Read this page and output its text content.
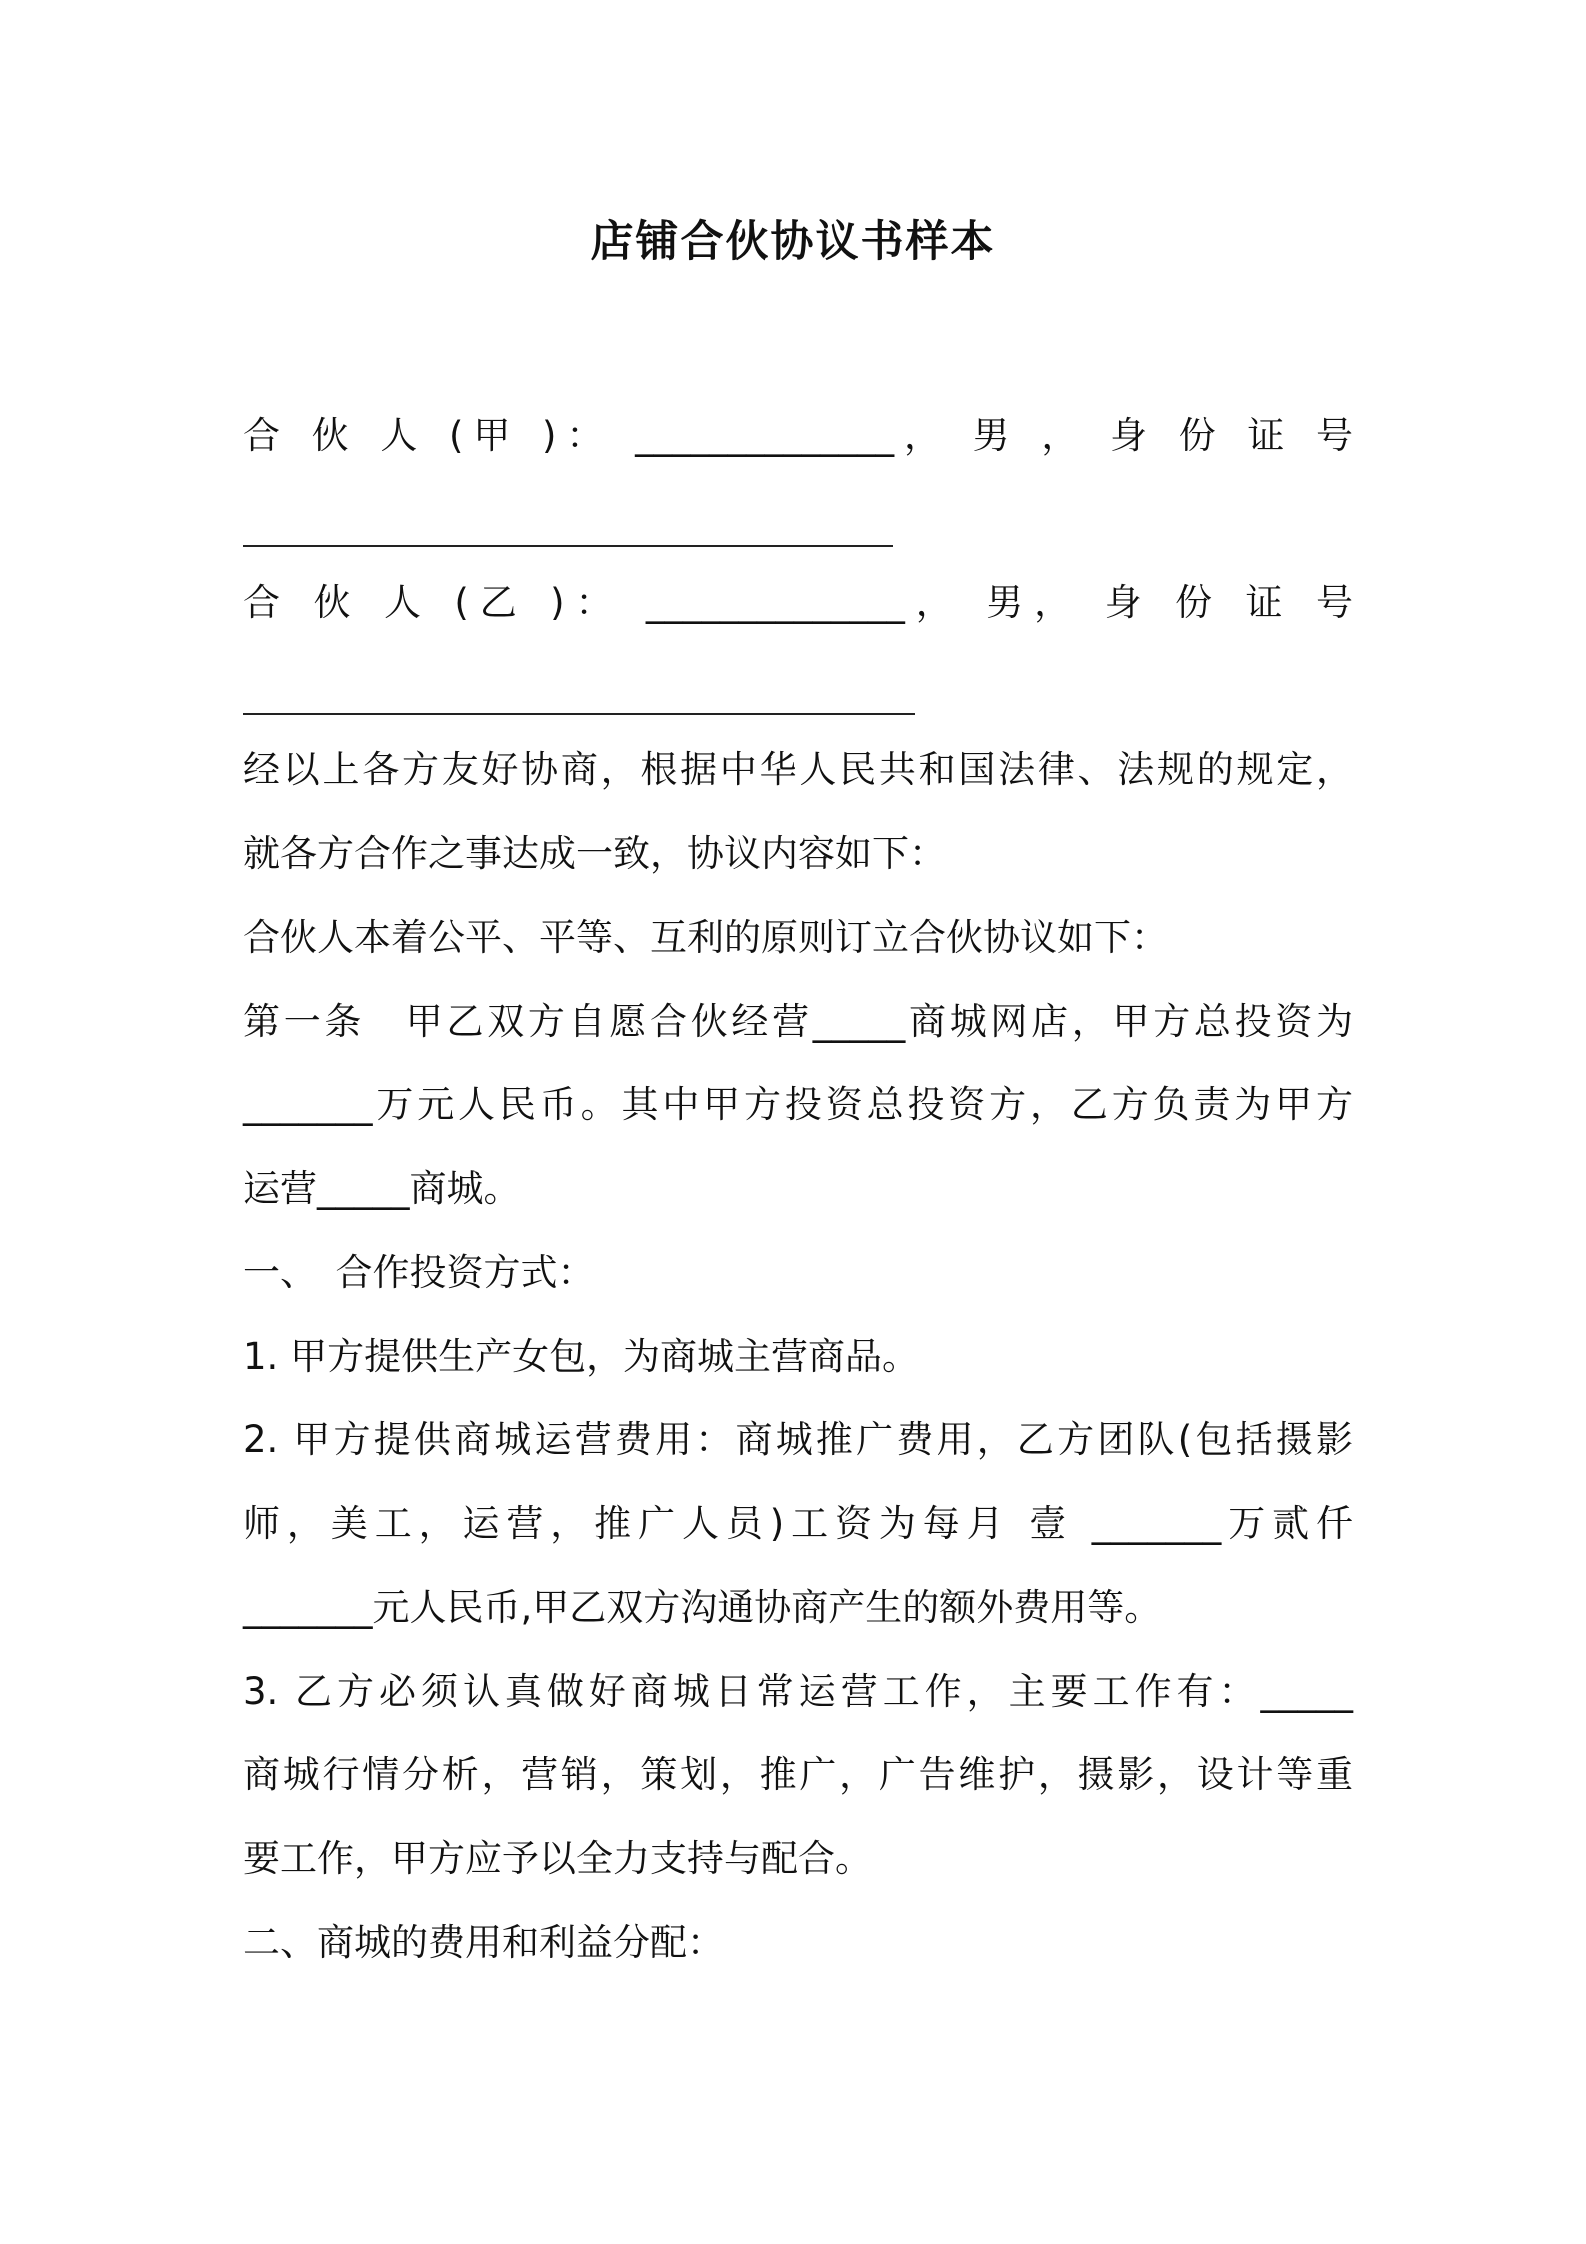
店铺合伙协议书样本
合 伙 人 (甲 )： ______________， 男 ， 身 份 证 号
合 伙 人 (乙 )： ______________， 男， 身 份 证 号
经以上各方友好协商，根据中华人民共和国法律、法规的规定，
就各方合作之事达成一致，协议内容如下：
合伙人本着公平、平等、互利的原则订立合伙协议如下：
第一条　甲乙双方自愿合伙经营_____商城网店，甲方总投资为
_______万元人民币。其中甲方投资总投资方，乙方负责为甲方
运营_____商城。
一、　合作投资方式：
1. 甲方提供生产女包，为商城主营商品。
2. 甲方提供商城运营费用：商城推广费用，乙方团队(包括摄影
师，美工，运营，推广人员)工资为每月 壹 _______万贰仟
_______元人民币,甲乙双方沟通协商产生的额外费用等。
3. 乙方必须认真做好商城日常运营工作，主要工作有：_____
商城行情分析，营销，策划，推广，广告维护，摄影，设计等重
要工作，甲方应予以全力支持与配合。
二、商城的费用和利益分配：
